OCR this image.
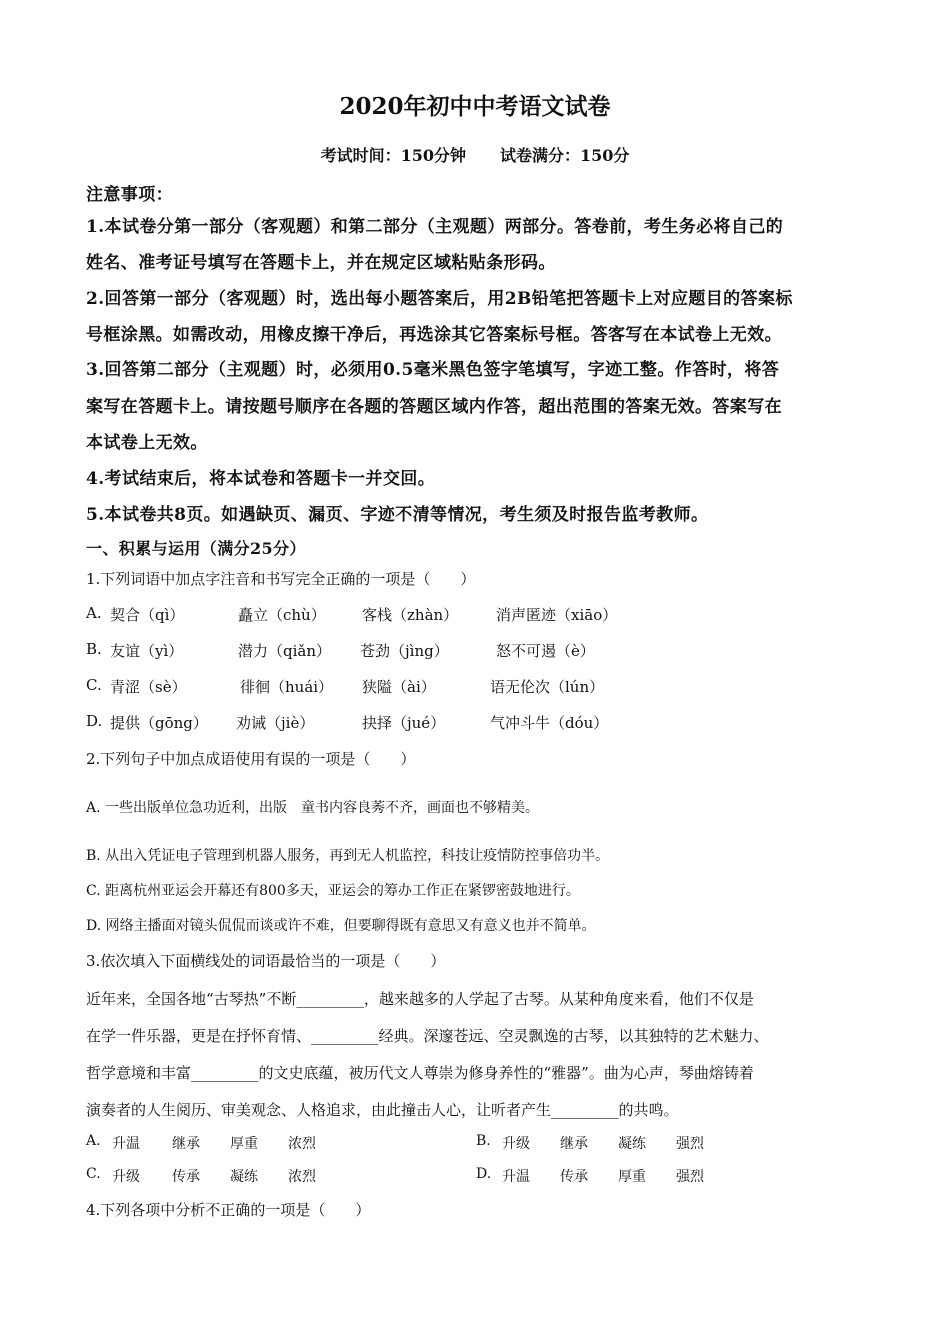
2020年初中中考语文试卷
考试时间：150分钟 试卷满分：150分
注意事项：
1.本试卷分第一部分（客观题）和第二部分（主观题）两部分。答卷前，考生务必将自己的
姓名、准考证号填写在答题卡上，并在规定区域粘贴条形码。
2.回答第一部分（客观题）时，选出每小题答案后，用2B铅笔把答题卡上对应题目的答案标
号框涂黑。如需改动，用橡皮擦干净后，再选涂其它答案标号框。答客写在本试卷上无效。
3.回答第二部分（主观题）时，必须用0.5毫米黑色签字笔填写，字迹工整。作答时，将答
案写在答题卡上。请按题号顺序在各题的答题区域内作答，超出范围的答案无效。答案写在
本试卷上无效。
4.考试结束后，将本试卷和答题卡一并交回。
5.本试卷共8页。如遇缺页、漏页、字迹不清等情况，考生须及时报告监考教师。
一、积累与运用（满分25分）
1.下列词语中加点字注音和书写完全正确的一项是（　　）
A. 契合（qì）	矗立（chù） 客栈（zhàn）	消声匿迹（xiāo）
B. 友谊（yì）	潜力（qiǎn） 苍劲（jìng）	怒不可遏（è）
C. 青涩（sè）	徘徊（huái） 狭隘（ài）	语无伦次（lún）
D. 提供（gōng） 劝诫（jiè）	抉择（jué）	气冲斗牛（dóu）
2.下列句子中加点成语使用有误的一项是（　　）
A. 一些出版单位急功近利，出版　童书内容良莠不齐，画面也不够精美。
B. 从出入凭证电子管理到机器人服务，再到无人机监控，科技让疫情防控事倍功半。
C. 距离杭州亚运会开幕还有800多天，亚运会的筹办工作正在紧锣密鼓地进行。
D. 网络主播面对镜头侃侃而谈或许不难，但要聊得既有意思又有意义也并不简单。
3.依次填入下面横线处的词语最恰当的一项是（　　）
近年来，全国各地“古琴热”不断_________，越来越多的人学起了古琴。从某种角度来看，他们不仅是
在学一件乐器，更是在抒怀育情、_________经典。深邃苍远、空灵飘逸的古琴，以其独特的艺术魅力、
哲学意境和丰富_________的文史底蕴，被历代文人尊崇为修身养性的“雅器”。曲为心声，琴曲熔铸着
演奏者的人生阅历、审美观念、人格追求，由此撞击人心，让听者产生_________的共鸣。
A. 升温 继承 厚重 浓烈	B. 升级 继承 凝练 强烈
C. 升级 传承 凝练 浓烈	D. 升温 传承 厚重 强烈
4.下列各项中分析不正确的一项是（　　）
